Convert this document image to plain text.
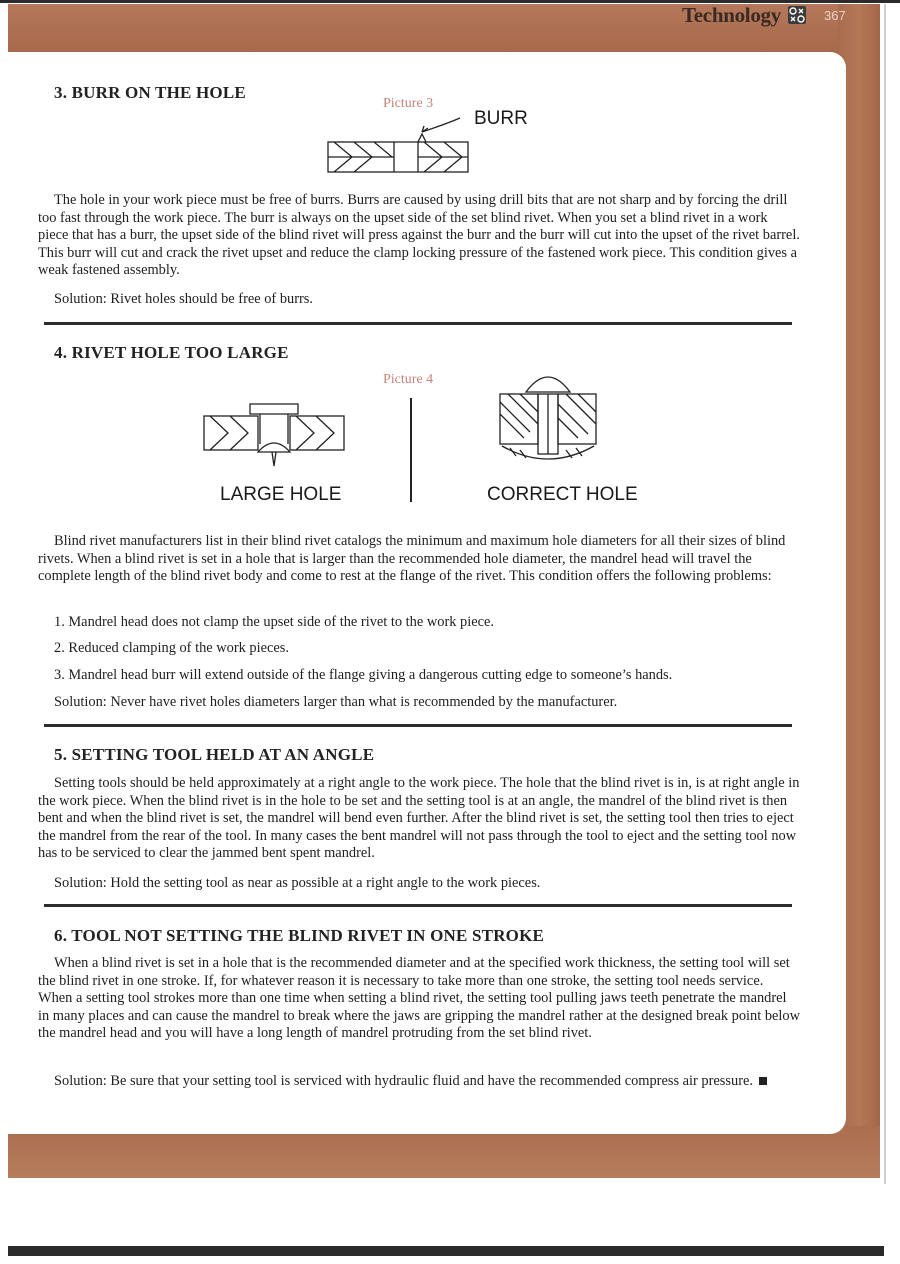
Technology	367
3. BURR ON THE HOLE
Picture 3
BURR

The hole in your work piece must be free of burrs. Burrs are caused by using drill bits that are not sharp and by forcing the drill too fast through the work piece. The burr is always on the upset side of the set blind rivet. When you set a blind rivet in a work piece that has a burr, the upset side of the blind rivet will press against the burr and the burr will cut into the upset of the rivet barrel. This burr will cut and crack the rivet upset and reduce the clamp locking pressure of the fastened work piece. This condition gives a weak fastened assembly.

Solution: Rivet holes should be free of burrs.
4. RIVET HOLE TOO LARGE
Picture 4
LARGE HOLE	CORRECT HOLE

Blind rivet manufacturers list in their blind rivet catalogs the minimum and maximum hole diameters for all their sizes of blind rivets. When a blind rivet is set in a hole that is larger than the recommended hole diameter, the mandrel head will travel the complete length of the blind rivet body and come to rest at the flange of the rivet. This condition offers the following problems:

1. Mandrel head does not clamp the upset side of the rivet to the work piece.
2. Reduced clamping of the work pieces.
3. Mandrel head burr will extend outside of the flange giving a dangerous cutting edge to someone’s hands.
Solution: Never have rivet holes diameters larger than what is recommended by the manufacturer.
5. SETTING TOOL HELD AT AN ANGLE

Setting tools should be held approximately at a right angle to the work piece. The hole that the blind rivet is in, is at right angle in the work piece. When the blind rivet is in the hole to be set and the setting tool is at an angle, the mandrel of the blind rivet is then bent and when the blind rivet is set, the mandrel will bend even further. After the blind rivet is set, the setting tool then tries to eject the mandrel from the rear of the tool. In many cases the bent mandrel will not pass through the tool to eject and the setting tool now has to be serviced to clear the jammed bent spent mandrel.

Solution: Hold the setting tool as near as possible at a right angle to the work pieces.
6. TOOL NOT SETTING THE BLIND RIVET IN ONE STROKE

When a blind rivet is set in a hole that is the recommended diameter and at the specified work thickness, the setting tool will set the blind rivet in one stroke. If, for whatever reason it is necessary to take more than one stroke, the setting tool needs service. When a setting tool strokes more than one time when setting a blind rivet, the setting tool pulling jaws teeth penetrate the mandrel in many places and can cause the mandrel to break where the jaws are gripping the mandrel rather at the designed break point below the mandrel head and you will have a long length of mandrel protruding from the set blind rivet.

Solution: Be sure that your setting tool is serviced with hydraulic fluid and have the recommended compress air pressure.
